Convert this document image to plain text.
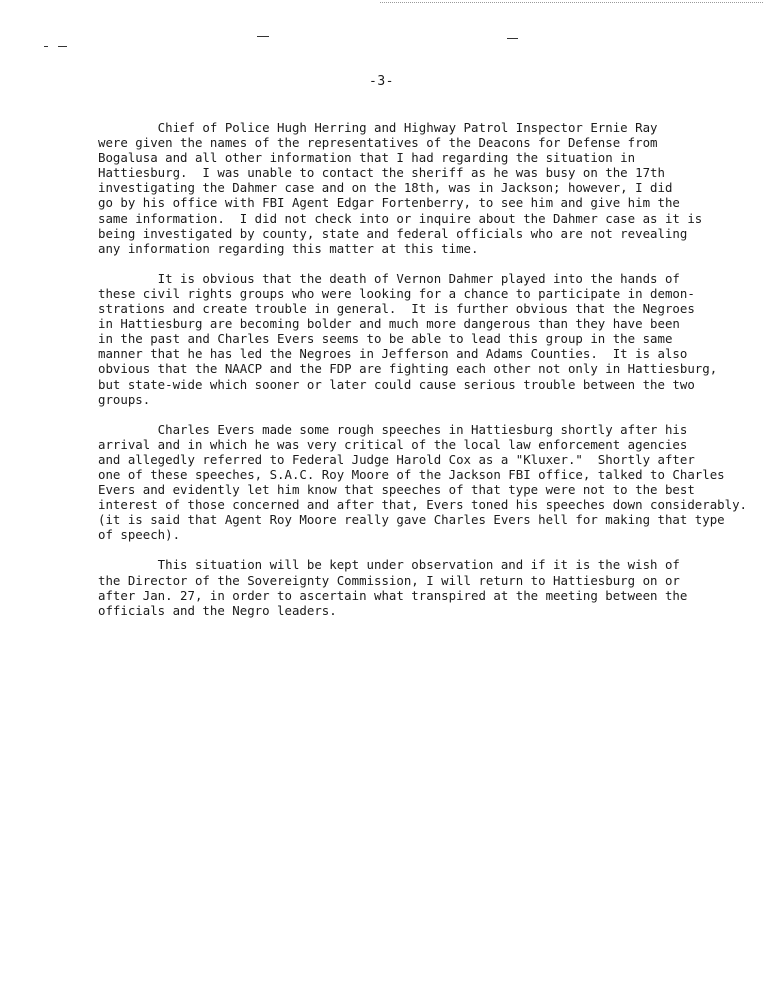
-3-

Chief of Police Hugh Herring and Highway Patrol Inspector Ernie Ray
were given the names of the representatives of the Deacons for Defense from
Bogalusa and all other information that I had regarding the situation in
Hattiesburg.  I was unable to contact the sheriff as he was busy on the 17th
investigating the Dahmer case and on the 18th, was in Jackson; however, I did
go by his office with FBI Agent Edgar Fortenberry, to see him and give him the
same information.  I did not check into or inquire about the Dahmer case as it is
being investigated by county, state and federal officials who are not revealing
any information regarding this matter at this time.

It is obvious that the death of Vernon Dahmer played into the hands of
these civil rights groups who were looking for a chance to participate in demon-
strations and create trouble in general.  It is further obvious that the Negroes
in Hattiesburg are becoming bolder and much more dangerous than they have been
in the past and Charles Evers seems to be able to lead this group in the same
manner that he has led the Negroes in Jefferson and Adams Counties.  It is also
obvious that the NAACP and the FDP are fighting each other not only in Hattiesburg,
but state-wide which sooner or later could cause serious trouble between the two
groups.

Charles Evers made some rough speeches in Hattiesburg shortly after his
arrival and in which he was very critical of the local law enforcement agencies
and allegedly referred to Federal Judge Harold Cox as a "Kluxer."  Shortly after
one of these speeches, S.A.C. Roy Moore of the Jackson FBI office, talked to Charles
Evers and evidently let him know that speeches of that type were not to the best
interest of those concerned and after that, Evers toned his speeches down considerably.
(it is said that Agent Roy Moore really gave Charles Evers hell for making that type
of speech).

This situation will be kept under observation and if it is the wish of
the Director of the Sovereignty Commission, I will return to Hattiesburg on or
after Jan. 27, in order to ascertain what transpired at the meeting between the
officials and the Negro leaders.
